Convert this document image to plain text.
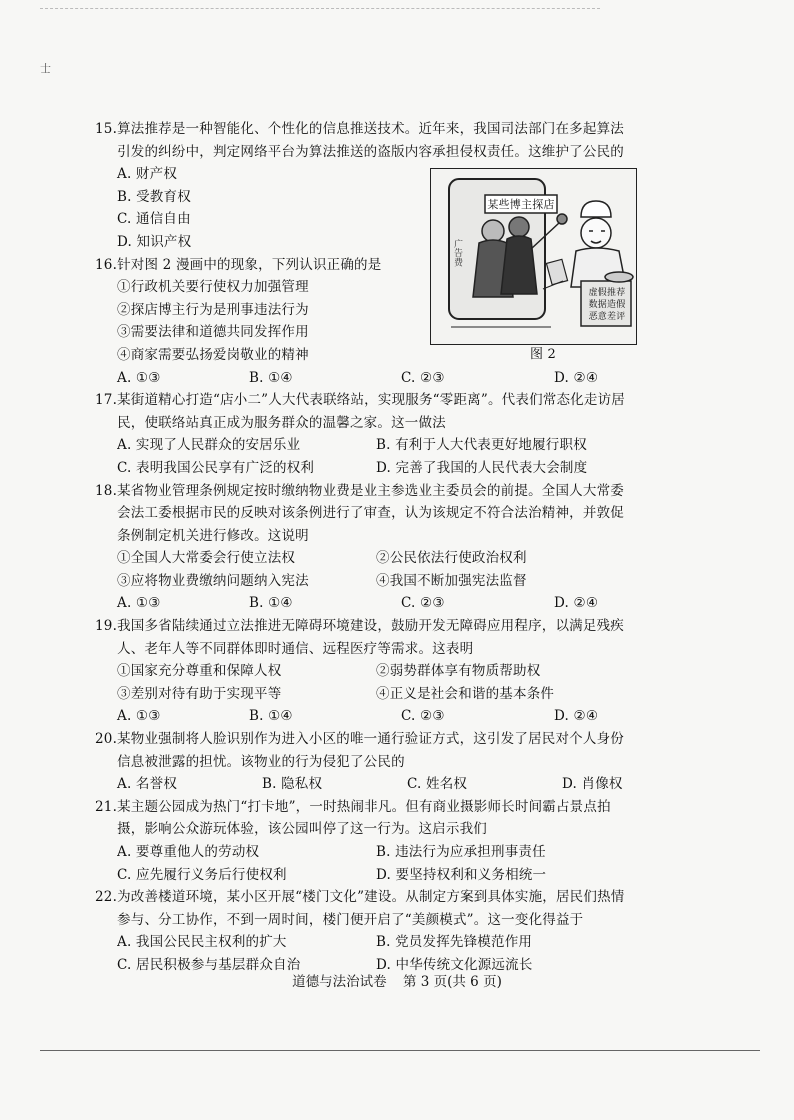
士
15. 算法推荐是一种智能化、个性化的信息推送技术。近年来，我国司法部门在多起算法引发的纠纷中，判定网络平台为算法推送的盗版内容承担侵权责任。这维护了公民的
A. 财产权
B. 受教育权
C. 通信自由
D. 知识产权
16. 针对图 2 漫画中的现象，下列认识正确的是
①行政机关要行使权力加强管理
②探店博主行为是刑事违法行为
③需要法律和道德共同发挥作用
④商家需要弘扬爱岗敬业的精神
A. ①③	B. ①④	C. ②③	D. ②④
17. 某街道精心打造“店小二”人大代表联络站，实现服务“零距离”。代表们常态化走访居民，使联络站真正成为服务群众的温馨之家。这一做法
A. 实现了人民群众的安居乐业	B. 有利于人大代表更好地履行职权
C. 表明我国公民享有广泛的权利	D. 完善了我国的人民代表大会制度
18. 某省物业管理条例规定按时缴纳物业费是业主参选业主委员会的前提。全国人大常委会法工委根据市民的反映对该条例进行了审查，认为该规定不符合法治精神，并敦促条例制定机关进行修改。这说明
①全国人大常委会行使立法权	②公民依法行使政治权利
③应将物业费缴纳问题纳入宪法	④我国不断加强宪法监督
A. ①③	B. ①④	C. ②③	D. ②④
19. 我国多省陆续通过立法推进无障碍环境建设，鼓励开发无障碍应用程序，以满足残疾人、老年人等不同群体即时通信、远程医疗等需求。这表明
①国家充分尊重和保障人权	②弱势群体享有物质帮助权
③差别对待有助于实现平等	④正义是社会和谐的基本条件
A. ①③	B. ①④	C. ②③	D. ②④
20. 某物业强制将人脸识别作为进入小区的唯一通行验证方式，这引发了居民对个人身份信息被泄露的担忧。该物业的行为侵犯了公民的
A. 名誉权	B. 隐私权	C. 姓名权	D. 肖像权
21. 某主题公园成为热门“打卡地”，一时热闹非凡。但有商业摄影师长时间霸占景点拍摄，影响公众游玩体验，该公园叫停了这一行为。这启示我们
A. 要尊重他人的劳动权	B. 违法行为应承担刑事责任
C. 应先履行义务后行使权利	D. 要坚持权利和义务相统一
22. 为改善楼道环境，某小区开展“楼门文化”建设。从制定方案到具体实施，居民们热情参与、分工协作，不到一周时间，楼门便开启了“美颜模式”。这一变化得益于
A. 我国公民民主权利的扩大	B. 党员发挥先锋模范作用
C. 居民积极参与基层群众自治	D. 中华传统文化源远流长
某些博主探店
广告费
虚假推荐
数据造假
恶意差评
图 2
道德与法治试卷 第 3 页(共 6 页)
